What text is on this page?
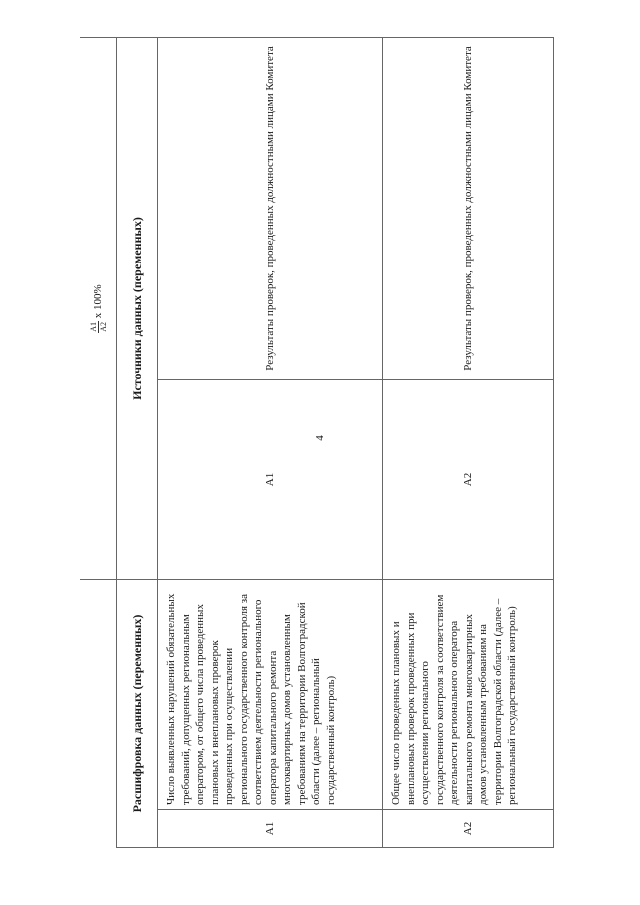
4

		А1 А2
x 100%	
Расшифровка данных (переменных)		Источники данных (переменных)	
А1	Число выявленных нарушений обязательных требований, допущенных региональным оператором, от общего числа проведенных плановых и внеплановых проверок проведенных при осуществлении регионального государственного контроля за соответствием деятельности регионального оператора капитального ремонта многоквартирных домов установленным требованиям на территории Волгоградской области (далее – региональный государственный контроль)	А1	Результаты проверок, проведенных должностными лицами Комитета
А2	Общее число проведенных плановых и внеплановых проверок проведенных при осуществлении регионального государственного контроля за соответствием деятельности регионального оператора капитального ремонта многоквартирных домов установленным требованиям на территории Волгоградской области (далее – региональный государственный контроль)	А2	Результаты проверок, проведенных должностными лицами Комитета
